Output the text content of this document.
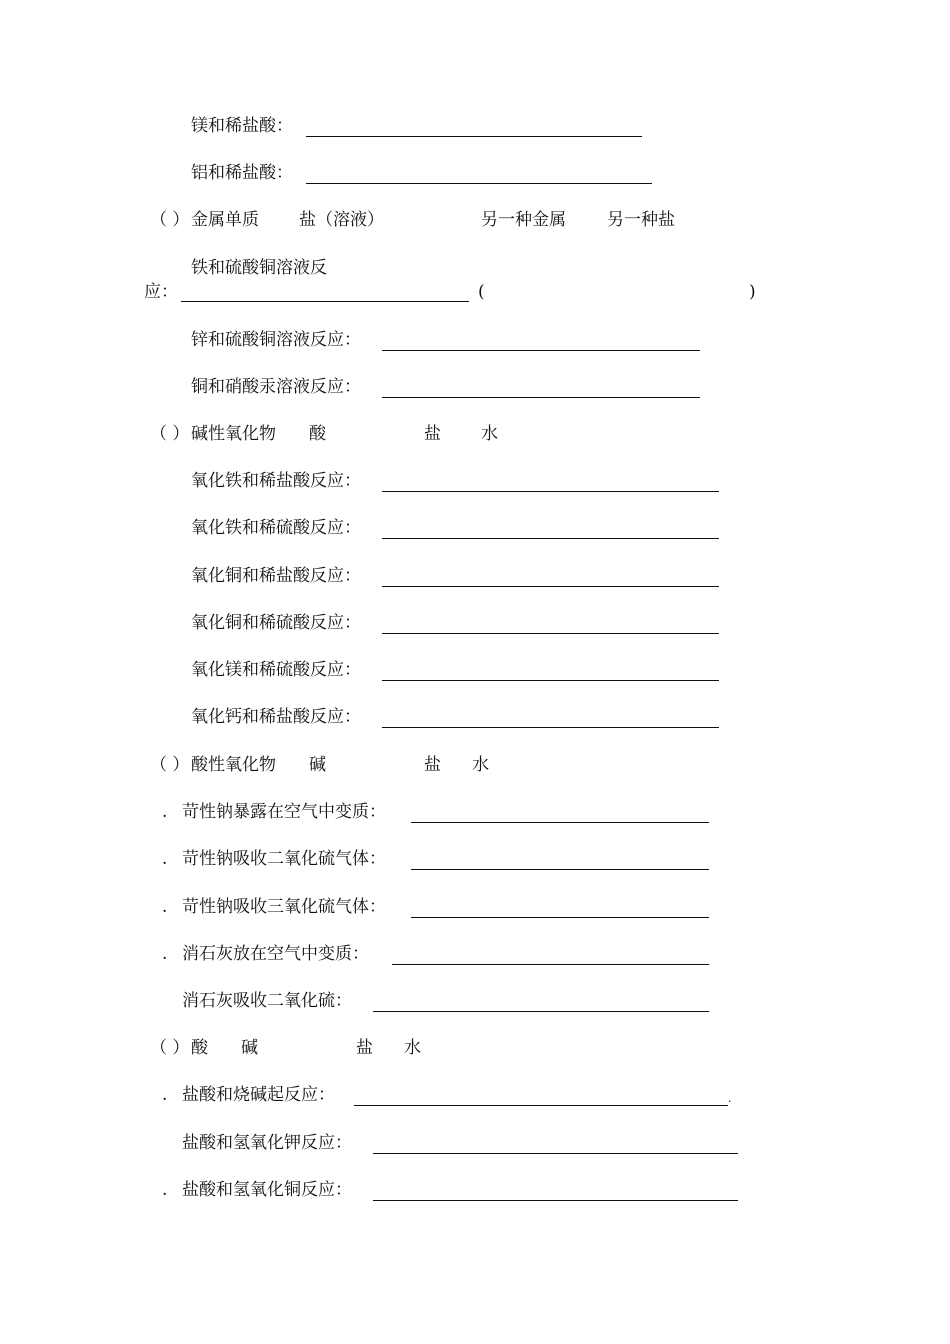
镁和稀盐酸：
铝和稀盐酸：
（ ） 金属单质 盐（溶液）	另一种金属 另一种盐
铁和硫酸铜溶液反
应：	(	)
锌和硫酸铜溶液反应：
铜和硝酸汞溶液反应：
（ ） 碱性氧化物 酸	盐 水
氧化铁和稀盐酸反应：
氧化铁和稀硫酸反应：
氧化铜和稀盐酸反应：
氧化铜和稀硫酸反应：
氧化镁和稀硫酸反应：
氧化钙和稀盐酸反应：
（ ） 酸性氧化物 碱	盐 水
. 苛性钠暴露在空气中变质：
. 苛性钠吸收二氧化硫气体：
. 苛性钠吸收三氧化硫气体：
. 消石灰放在空气中变质：
消石灰吸收二氧化硫：
（ ） 酸 碱	盐 水
. 盐酸和烧碱起反应：	.
盐酸和氢氧化钾反应：
. 盐酸和氢氧化铜反应：
